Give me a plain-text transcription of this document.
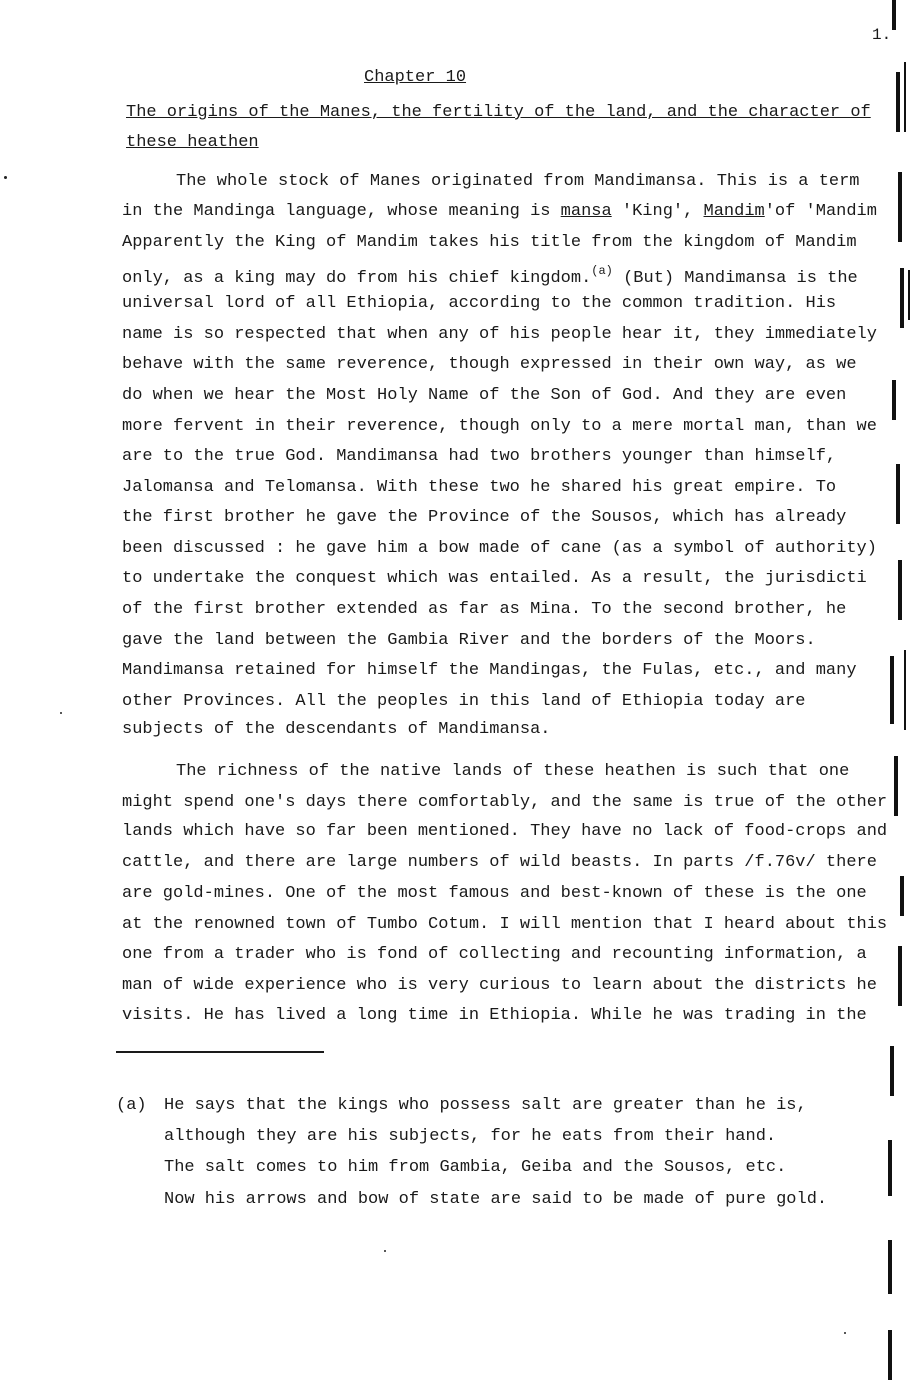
1.
Chapter 10
The origins of the Manes, the fertility of the land, and the character of
these heathen
The whole stock of Manes originated from Mandimansa. This is a term
in the Mandinga language, whose meaning is mansa 'King', Mandim'of 'Mandim
Apparently the King of Mandim takes his title from the kingdom of Mandim
only, as a king may do from his chief kingdom.$^{(a)}$ (But) Mandimansa is the
universal lord of all Ethiopia, according to the common tradition. His
name is so respected that when any of his people hear it, they immediately
behave with the same reverence, though expressed in their own way, as we
do when we hear the Most Holy Name of the Son of God. And they are even
more fervent in their reverence, though only to a mere mortal man, than we
are to the true God. Mandimansa had two brothers younger than himself,
Jalomansa and Telomansa. With these two he shared his great empire. To
the first brother he gave the Province of the Sousos, which has already
been discussed : he gave him a bow made of cane (as a symbol of authority)
to undertake the conquest which was entailed. As a result, the jurisdicti
of the first brother extended as far as Mina. To the second brother, he
gave the land between the Gambia River and the borders of the Moors.
Mandimansa retained for himself the Mandingas, the Fulas, etc., and many
other Provinces. All the peoples in this land of Ethiopia today are
subjects of the descendants of Mandimansa.
The richness of the native lands of these heathen is such that one
might spend one's days there comfortably, and the same is true of the other
lands which have so far been mentioned. They have no lack of food-crops and
cattle, and there are large numbers of wild beasts. In parts /f.76v/ there
are gold-mines. One of the most famous and best-known of these is the one
at the renowned town of Tumbo Cotum. I will mention that I heard about this
one from a trader who is fond of collecting and recounting information, a
man of wide experience who is very curious to learn about the districts he
visits. He has lived a long time in Ethiopia. While he was trading in the
(a) He says that the kings who possess salt are greater than he is,
although they are his subjects, for he eats from their hand.
The salt comes to him from Gambia, Geiba and the Sousos, etc.
Now his arrows and bow of state are said to be made of pure gold.
